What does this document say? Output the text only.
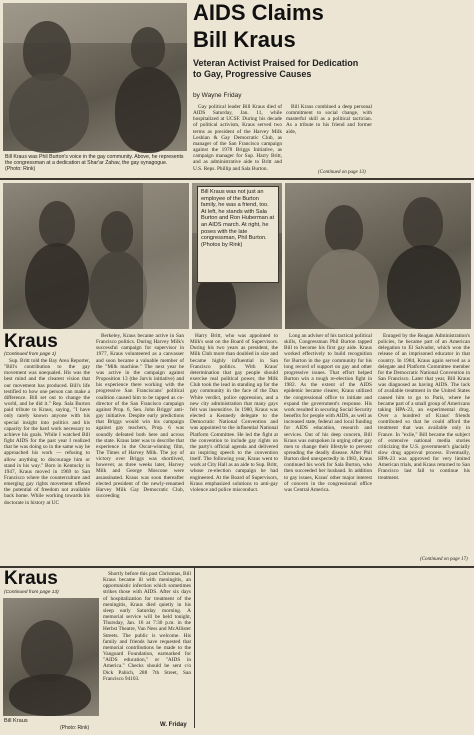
Bill Kraus was Phil Burton's voice in the gay community. Above, he represents the congressman at a dedication at Shar'ar Zahav, the gay synagogue. (Photo: Rink)
AIDS Claims
Bill Kraus
Veteran Activist Praised for Dedication to Gay, Progressive Causes
by Wayne Friday

Gay political leader Bill Kraus died of AIDS Saturday, Jan. 11, while hospitalized at UCSF. During his decade of political activism, Kraus served two terms as president of the Harvey Milk Lesbian & Gay Democratic Club, as manager of the San Francisco campaign against the 1978 Briggs Initiative, as campaign manager for Sup. Harry Britt, and as administrative aide to Britt and U.S. Reps. Phillip and Sala Burton.

Bill Kraus combined a deep personal commitment to social change, with masterful skill as a political tactician. As a tribute to his friend and former aide,

(Continued on page 13)
Bill Kraus was not just an employee of the Burton family, he was a friend, too. At left, he stands with Sala Burton and Ron Huberman at an AIDS march. At right, he poses with the late congressman, Phil Burton. (Photos by Rink)
Kraus
(Continued from page 1)

Sup. Britt told the Bay Area Reporter, "Bill's contribution to the gay movement was unequaled. His was the best mind and the clearest vision that our movement has produced. Bill's life testified to how one person can make a difference. Bill set out to change the world, and he did it." Rep. Sala Burton paid tribute to Kraus, saying, "I have only rarely known anyone with his special insight into politics and his capacity for the hard work necessary to achieve his goals. While I watched Bill fight AIDS for the past year I realized that he was doing so in the same way he approached his work — refusing to allow anything to discourage him or stand in his way." Born in Kentucky in 1947, Kraus moved in 1969 to San Francisco where the counterculture and emerging gay rights movement offered the potential of freedom not available back home. While working towards his doctorate in history at UC

Berkeley, Kraus became active in San Francisco politics. During Harvey Milk's successful campaign for supervisor in 1977, Kraus volunteered as a canvasser and soon became a valuable member of the "Milk machine." The next year he was active in the campaign against Proposition 13 (the Jarvis initiative) and his experience there working with the progressive San Franciscans' political coalition caused him to be tapped as co-director of the San Francisco campaign against Prop. 6, Sen. John Briggs' anti-gay initiative. Despite early predictions that Briggs would win his campaign against gay teachers, Prop. 6 was soundly defeated both here and across the state. Kraus later was to describe that experience in the Oscar-winning film, The Times of Harvey Milk. The joy of victory over Briggs was shortlived, however, as three weeks later, Harvey Milk and George Moscone were assassinated. Kraus was soon thereafter elected president of the newly-renamed Harvey Milk Gay Democratic Club, succeeding

Harry Britt, who was appointed to Milk's seat on the Board of Supervisors. During his two years as president, the Milk Club more than doubled in size and became highly influential in San Francisco politics. With Kraus' determination that gay people should exercise real political power, the Milk Club took the lead in standing up for the gay community in the face of the Dan White verdict, police oppression, and a new city administration that many gays felt was insensitive. In 1980, Kraus was elected a Kennedy delegate to the Democratic National Convention and was appointed to the influential National Platform Committee. He led the fight at the convention to include gay rights on the party's official agenda and delivered an inspiring speech to the convention itself. The following year, Kraus went to work at City Hall as an aide to Sup. Britt, whose re-election campaign he had engineered. At the Board of Supervisors, Kraus emphasized solutions to anti-gay violence and police misconduct.

Long an adviser of his tactical political skills, Congressman Phil Burton tapped Bill to become his first gay aide. Kraus worked effectively to build recognition for Burton in the gay community for his long record of support on gay and other progressive issues. That effort helped Burton win a tough re-election fight in 1982. As the extent of the AIDS epidemic became clearer, Kraus utilized the congressional office to initiate and expand the government's response. His work resulted in securing Social Security benefits for people with AIDS, as well as increased state, federal and local funding for AIDS education, research and services. Out of his deep concern, Bill Kraus was outspoken in urging other gay men to change their lifestyle to prevent spreading the deadly disease. After Phil Burton died unexpectedly in 1983, Kraus continued his work for Sala Burton, who then succeeded her husband. In addition to gay issues, Kraus' other major interest of concern in the congressional office was Central America.

Enraged by the Reagan Administration's policies, he became part of an American delegation to El Salvador, which won the release of an imprisoned educator in that country. In 1984, Kraus again served as a delegate and Platform Committee member for the Democratic National Convention in San Francisco. Later that year, Bill Kraus was diagnosed as having AIDS. The lack of available treatment in the United States caused him to go to Paris, where he became part of a small group of Americans taking HPA-23, an experimental drug. Over a hundred of Kraus' friends contributed so that he could afford the treatment that was available only in France. In "exile," Bill became the subject of extensive national media stories criticizing the U.S. government's glacially slow drug approval process. Eventually, HPA-23 was approved for very limited American trials, and Kraus returned to San Francisco last fall to continue his treatment.

(Continued on page 17)
Kraus
(Continued from page 13)
Bill Kraus
(Photo: Rink)

Shortly before this past Christmas, Bill Kraus became ill with meningitis, an opportunistic infection which sometimes strikes those with AIDS. After six days of hospitalization for treatment of the meningitis, Kraus died quietly in his sleep early Saturday morning. A memorial service will be held tonight, Thursday, Jan. 16 at 7:30 p.m. in the Herbst Theatre, Van Ness and McAllister Streets. The public is welcome. His family and friends have requested that memorial contributions be made to the Vanguard Foundation, earmarked for "AIDS education," or "AIDS in America." Checks should be sent c/o Dick Pabich, 288 7th Street, San Francisco 94103.

W. Friday
